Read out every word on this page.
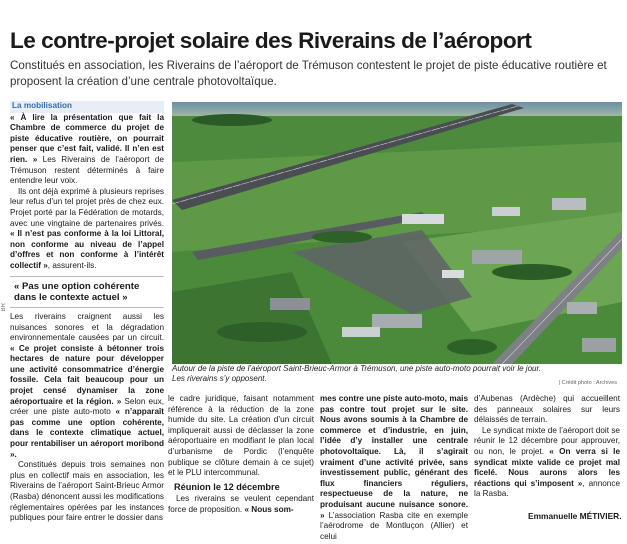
Le contre-projet solaire des Riverains de l’aéroport
Constitués en association, les Riverains de l’aéroport de Trémuson contestent le projet de piste éducative routière et proposent la création d’une centrale photovoltaïque.
BR
Autour de la piste de l’aéroport Saint-Brieuc-Armor à Trémuson, une piste auto-moto pourrait voir le jour.
Les riverains s’y opposent.	| Crédit photo : Archives

La mobilisation

« À lire la présentation que fait la Chambre de commerce du projet de piste éducative routière, on pourrait penser que c’est fait, validé. Il n’en est rien. » Les Riverains de l’aéroport de Trémuson restent déterminés à faire entendre leur voix.

Ils ont déjà exprimé à plusieurs reprises leur refus d’un tel projet près de chez eux. Projet porté par la Fédération de motards, avec une vingtaine de partenaires privés. « Il n’est pas conforme à la loi Littoral, non conforme au niveau de l’appel d’offres et non conforme à l’intérêt collectif », assurent-ils.

« Pas une option cohérente dans le contexte actuel »

Les riverains craignent aussi les nuisances sonores et la dégradation environnementale causées par un circuit. « Ce projet consiste à bétonner trois hectares de nature pour développer une activité consommatrice d’énergie fossile. Cela fait beaucoup pour un projet censé dynamiser la zone aéroportuaire et la région. » Selon eux, créer une piste auto-moto « n’apparaît pas comme une option cohérente, dans le contexte climatique actuel, pour rentabiliser un aéroport moribond ».

Constitués depuis trois semaines non plus en collectif mais en association, les Riverains de l’aéroport Saint-Brieuc Armor (Rasba) dénoncent aussi les modifications réglementaires opérées par les instances publiques pour faire entrer le dossier dans

le cadre juridique, faisant notamment référence à la réduction de la zone humide du site. La création d’un circuit impliquerait aussi de déclasser la zone aéroportuaire en modifiant le plan local d’urbanisme de Pordic (l’enquête publique se clôture demain à ce sujet) et le PLU intercommunal.

Réunion le 12 décembre

Les riverains se veulent cependant force de proposition. « Nous som-

mes contre une piste auto-moto, mais pas contre tout projet sur le site. Nous avons soumis à la Chambre de commerce et d’industrie, en juin, l’idée d’y installer une centrale photovoltaïque. Là, il s’agirait vraiment d’une activité privée, sans investissement public, générant des flux financiers réguliers, respectueuse de la nature, ne produisant aucune nuisance sonore. » L’association Rasba cite en exemple l’aérodrome de Montluçon (Allier) et celui

d’Aubenas (Ardèche) qui accueillent des panneaux solaires sur leurs délaissés de terrain.

Le syndicat mixte de l’aéroport doit se réunir le 12 décembre pour approuver, ou non, le projet. « On verra si le syndicat mixte valide ce projet mal ficelé. Nous aurons alors les réactions qui s’imposent », annonce la Rasba.

Emmanuelle MÉTIVIER.
